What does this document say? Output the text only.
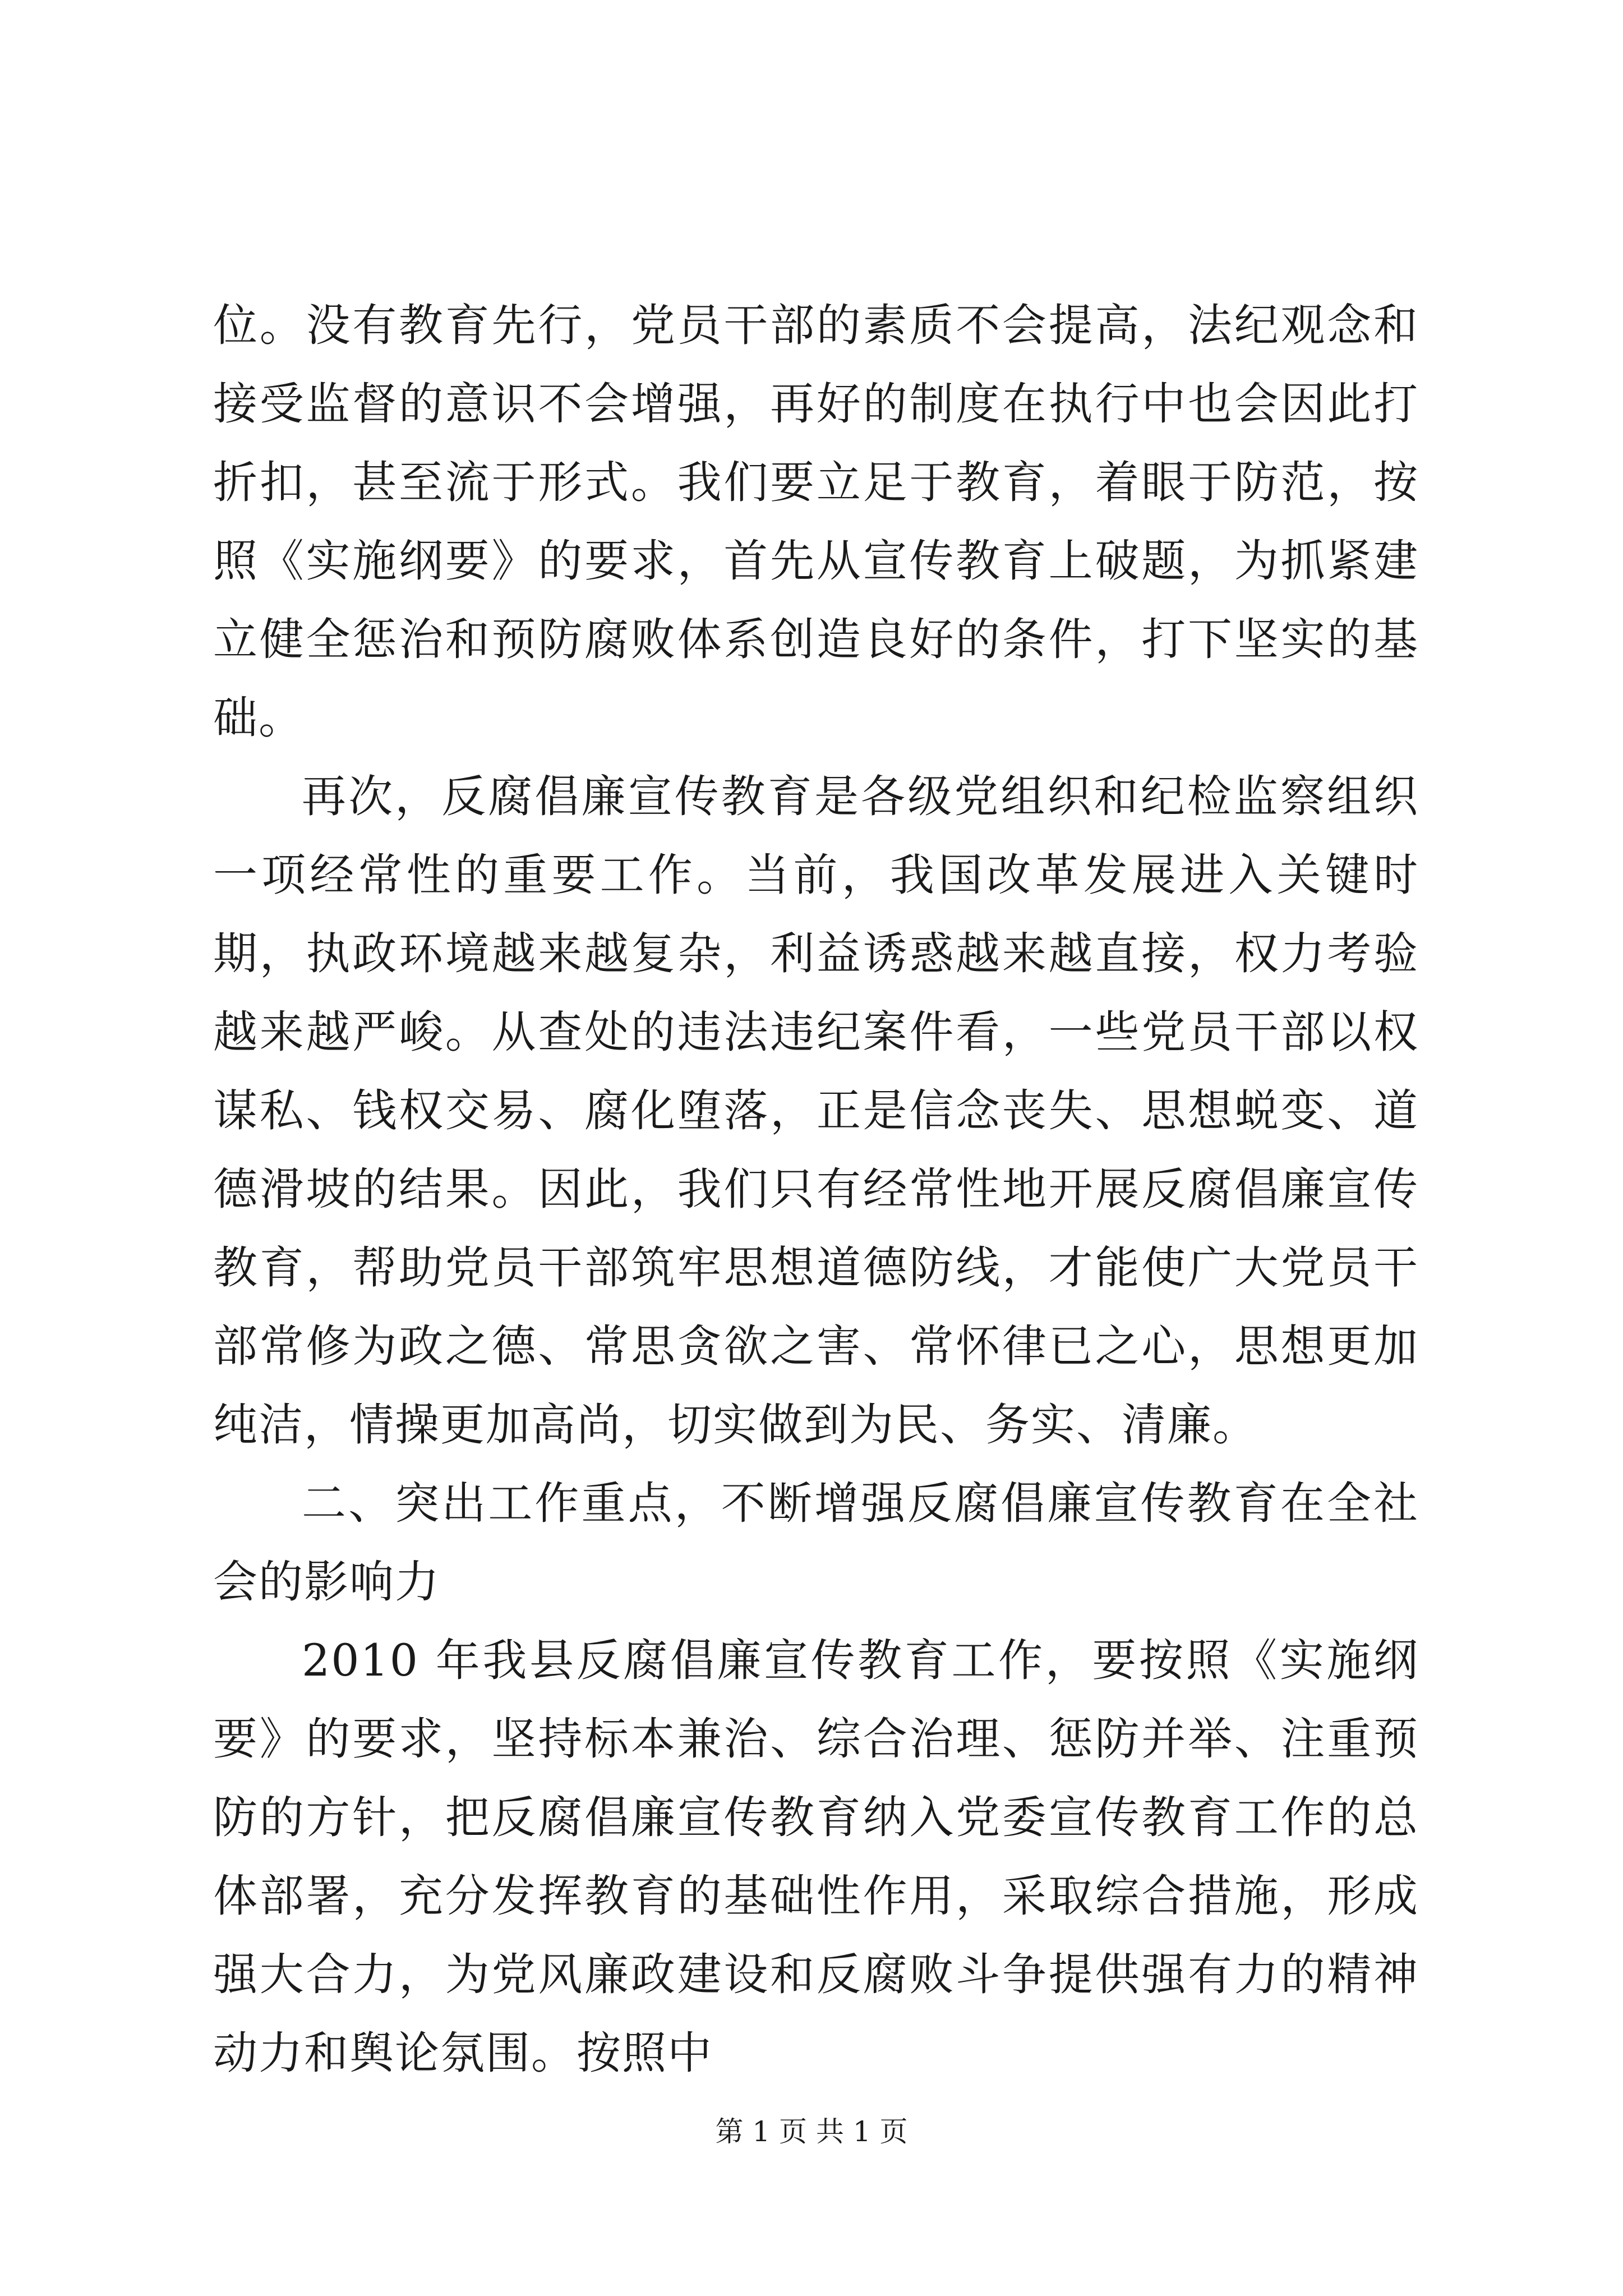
位。没有教育先行，党员干部的素质不会提高，法纪观念和接受监督的意识不会增强，再好的制度在执行中也会因此打折扣，甚至流于形式。我们要立足于教育，着眼于防范，按照《实施纲要》的要求，首先从宣传教育上破题，为抓紧建立健全惩治和预防腐败体系创造良好的条件，打下坚实的基础。

再次，反腐倡廉宣传教育是各级党组织和纪检监察组织一项经常性的重要工作。当前，我国改革发展进入关键时期，执政环境越来越复杂，利益诱惑越来越直接，权力考验越来越严峻。从查处的违法违纪案件看，一些党员干部以权谋私、钱权交易、腐化堕落，正是信念丧失、思想蜕变、道德滑坡的结果。因此，我们只有经常性地开展反腐倡廉宣传教育，帮助党员干部筑牢思想道德防线，才能使广大党员干部常修为政之德、常思贪欲之害、常怀律已之心，思想更加纯洁，情操更加高尚，切实做到为民、务实、清廉。

二、突出工作重点，不断增强反腐倡廉宣传教育在全社会的影响力

2010 年我县反腐倡廉宣传教育工作，要按照《实施纲要》的要求，坚持标本兼治、综合治理、惩防并举、注重预防的方针，把反腐倡廉宣传教育纳入党委宣传教育工作的总体部署，充分发挥教育的基础性作用，采取综合措施，形成强大合力，为党风廉政建设和反腐败斗争提供强有力的精神动力和舆论氛围。按照中

第 1 页 共 1 页
